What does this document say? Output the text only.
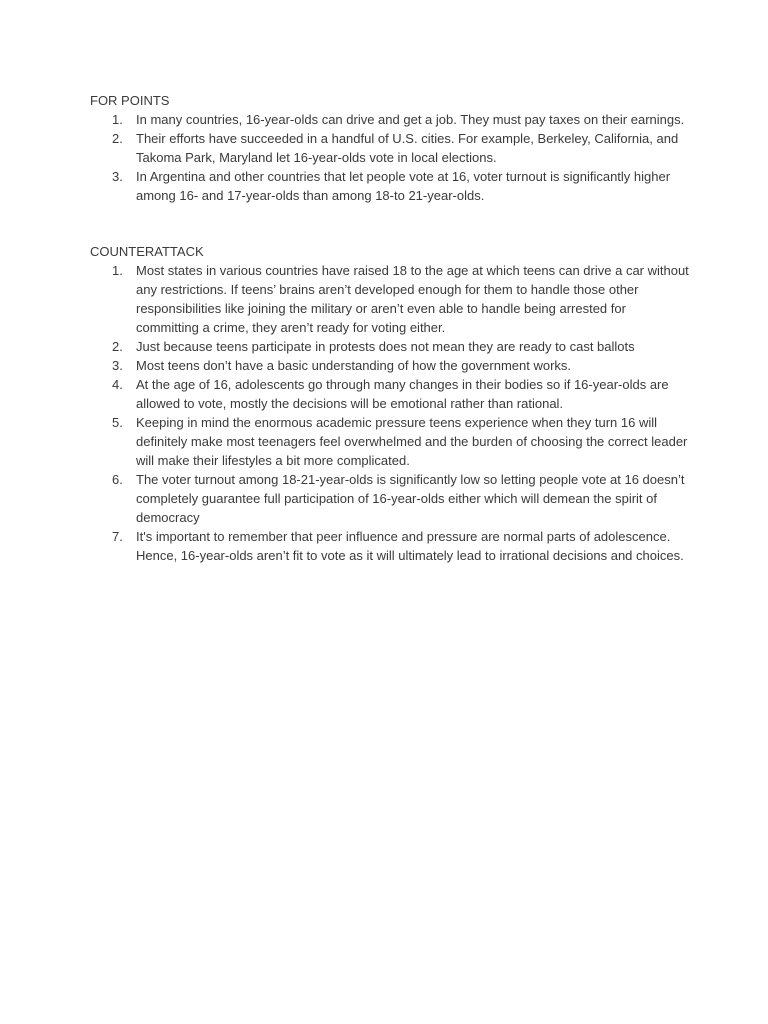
FOR POINTS
1. In many countries, 16-year-olds can drive and get a job. They must pay taxes on their earnings.
2. Their efforts have succeeded in a handful of U.S. cities. For example, Berkeley, California, and Takoma Park, Maryland let 16-year-olds vote in local elections.
3. In Argentina and other countries that let people vote at 16, voter turnout is significantly higher among 16- and 17-year-olds than among 18-to 21-year-olds.
COUNTERATTACK
1. Most states in various countries have raised 18 to the age at which teens can drive a car without any restrictions. If teens’ brains aren’t developed enough for them to handle those other responsibilities like joining the military or aren’t even able to handle being arrested for committing a crime, they aren’t ready for voting either.
2. Just because teens participate in protests does not mean they are ready to cast ballots
3. Most teens don’t have a basic understanding of how the government works.
4. At the age of 16, adolescents go through many changes in their bodies so if 16-year-olds are allowed to vote, mostly the decisions will be emotional rather than rational.
5. Keeping in mind the enormous academic pressure teens experience when they turn 16 will definitely make most teenagers feel overwhelmed and the burden of choosing the correct leader will make their lifestyles a bit more complicated.
6. The voter turnout among 18-21-year-olds is significantly low so letting people vote at 16 doesn’t completely guarantee full participation of 16-year-olds either which will demean the spirit of democracy
7. It's important to remember that peer influence and pressure are normal parts of adolescence. Hence, 16-year-olds aren’t fit to vote as it will ultimately lead to irrational decisions and choices.
